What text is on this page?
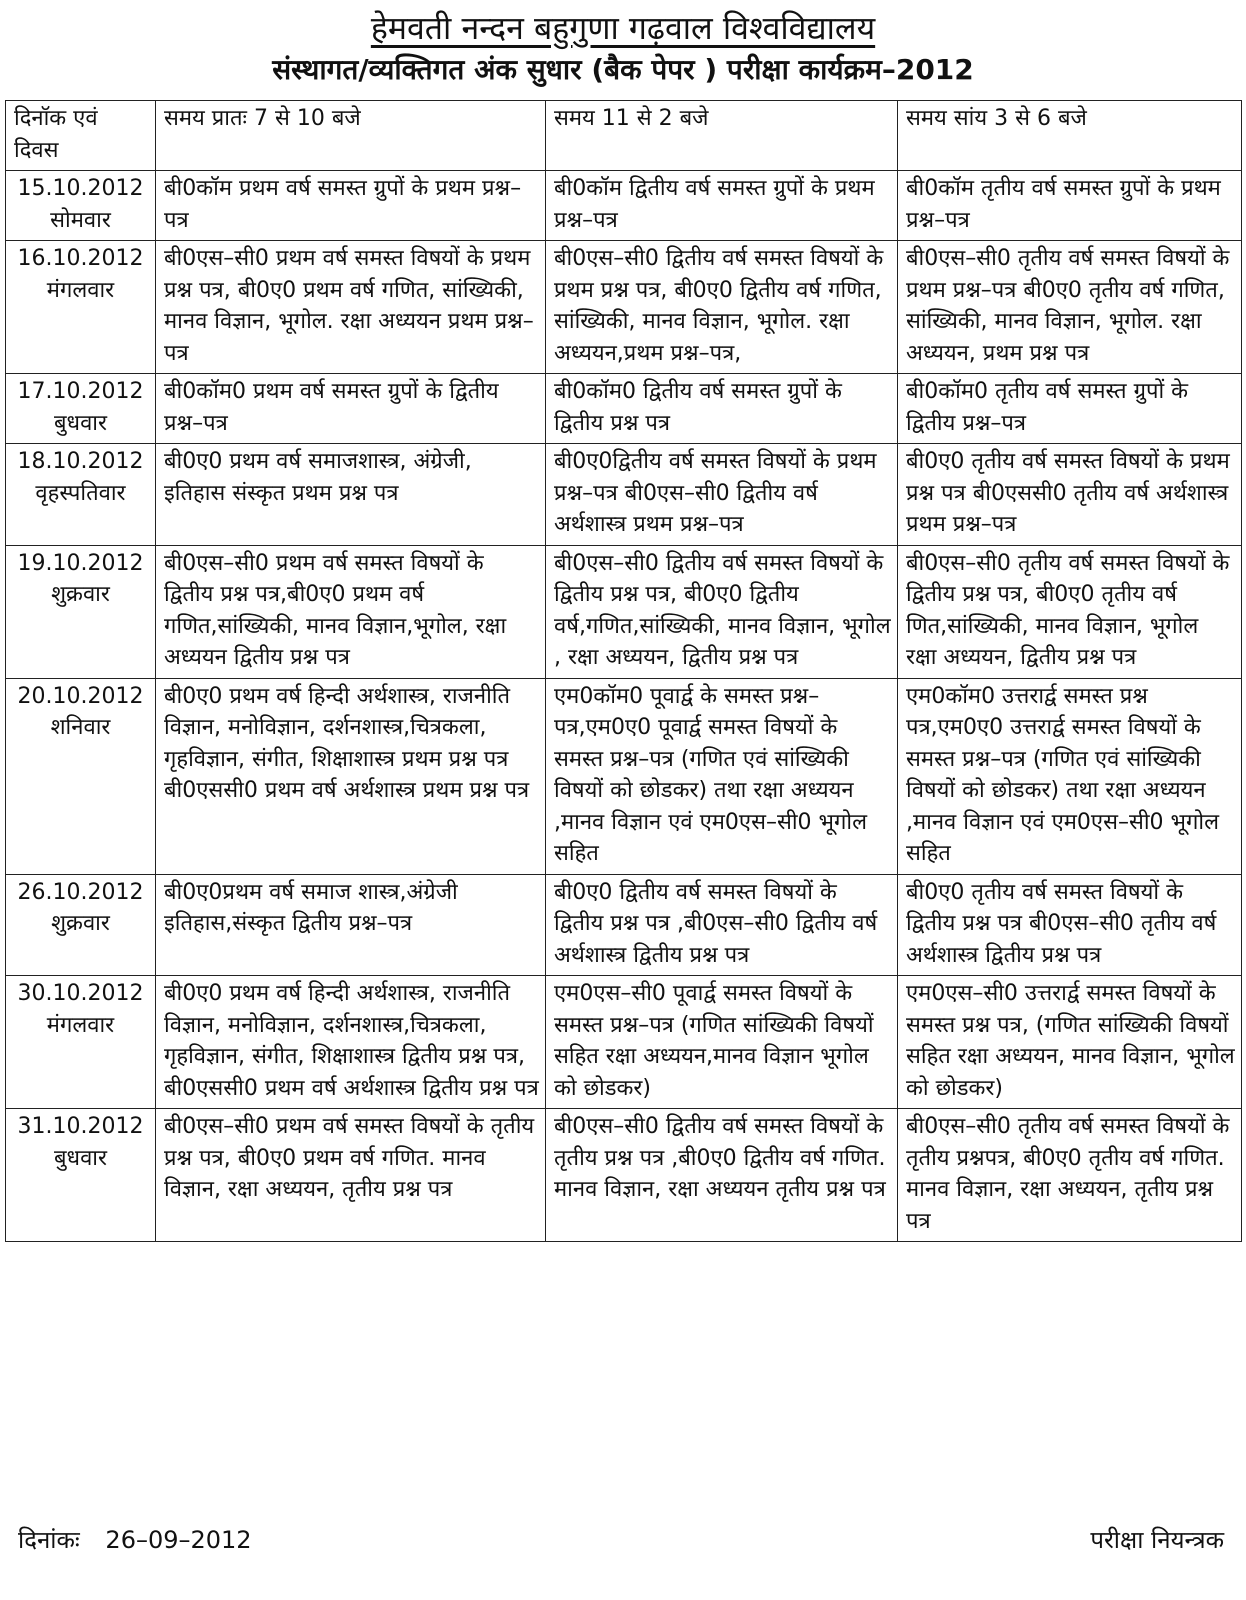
हेमवती नन्दन बहुगुणा गढ़वाल विश्वविद्यालय
संस्थागत/व्यक्तिगत अंक सुधार (बैक पेपर ) परीक्षा कार्यक्रम–2012
दिनॉक एवं दिवस	समय प्रातः 7 से 10 बजे	समय 11 से 2 बजे	समय सांय 3 से 6 बजे

15.10.2012
सोमवार	बी0कॉम प्रथम वर्ष समस्त ग्रुपों के प्रथम प्रश्न–पत्र	बी0कॉम द्वितीय वर्ष समस्त ग्रुपों के प्रथम प्रश्न–पत्र	बी0कॉम तृतीय वर्ष समस्त ग्रुपों के प्रथम प्रश्न–पत्र

16.10.2012
मंगलवार	बी0एस–सी0 प्रथम वर्ष समस्त विषयों के प्रथम प्रश्न पत्र, बी0ए0 प्रथम वर्ष गणित, सांख्यिकी, मानव विज्ञान, भूगोल. रक्षा अध्ययन प्रथम प्रश्न–पत्र	बी0एस–सी0 द्वितीय वर्ष समस्त विषयों के प्रथम प्रश्न पत्र, बी0ए0 द्वितीय वर्ष गणित, सांख्यिकी, मानव विज्ञान, भूगोल. रक्षा अध्ययन,प्रथम प्रश्न–पत्र,	बी0एस–सी0 तृतीय वर्ष समस्त विषयों के प्रथम प्रश्न–पत्र बी0ए0 तृतीय वर्ष गणित, सांख्यिकी, मानव विज्ञान, भूगोल. रक्षा अध्ययन, प्रथम प्रश्न पत्र

17.10.2012
बुधवार	बी0कॉम0 प्रथम वर्ष समस्त ग्रुपों के द्वितीय प्रश्न–पत्र	बी0कॉम0 द्वितीय वर्ष समस्त ग्रुपों के द्वितीय प्रश्न पत्र	बी0कॉम0 तृतीय वर्ष समस्त ग्रुपों के द्वितीय प्रश्न–पत्र

18.10.2012
वृहस्पतिवार	बी0ए0 प्रथम वर्ष समाजशास्त्र, अंग्रेजी, इतिहास संस्कृत प्रथम प्रश्न पत्र	बी0ए0द्वितीय वर्ष समस्त विषयों के प्रथम प्रश्न–पत्र बी0एस–सी0 द्वितीय वर्ष अर्थशास्त्र प्रथम प्रश्न–पत्र	बी0ए0 तृतीय वर्ष समस्त विषयों के प्रथम प्रश्न पत्र बी0एससी0 तृतीय वर्ष अर्थशास्त्र प्रथम प्रश्न–पत्र

19.10.2012
शुक्रवार	बी0एस–सी0 प्रथम वर्ष समस्त विषयों के द्वितीय प्रश्न पत्र,बी0ए0 प्रथम वर्ष गणित,सांख्यिकी, मानव विज्ञान,भूगोल, रक्षा अध्ययन द्वितीय प्रश्न पत्र	बी0एस–सी0 द्वितीय वर्ष समस्त विषयों के द्वितीय प्रश्न पत्र, बी0ए0 द्वितीय वर्ष,गणित,सांख्यिकी, मानव विज्ञान, भूगोल , रक्षा अध्ययन, द्वितीय प्रश्न पत्र	बी0एस–सी0 तृतीय वर्ष समस्त विषयों के द्वितीय प्रश्न पत्र, बी0ए0 तृतीय वर्ष णित,सांख्यिकी, मानव विज्ञान, भूगोल रक्षा अध्ययन, द्वितीय प्रश्न पत्र

20.10.2012
शनिवार	बी0ए0 प्रथम वर्ष हिन्दी अर्थशास्त्र, राजनीति विज्ञान, मनोविज्ञान, दर्शनशास्त्र,चित्रकला, गृहविज्ञान, संगीत, शिक्षाशास्त्र प्रथम प्रश्न पत्र बी0एससी0 प्रथम वर्ष अर्थशास्त्र प्रथम प्रश्न पत्र	एम0कॉम0 पूवार्द्व के समस्त प्रश्न–पत्र,एम0ए0 पूवार्द्व समस्त विषयों के समस्त प्रश्न–पत्र (गणित एवं सांख्यिकी विषयों को छोडकर) तथा रक्षा अध्ययन ,मानव विज्ञान एवं एम0एस–सी0 भूगोल सहित	एम0कॉम0 उत्तरार्द्व समस्त प्रश्न पत्र,एम0ए0 उत्तरार्द्व समस्त विषयों के समस्त प्रश्न–पत्र (गणित एवं सांख्यिकी विषयों को छोडकर) तथा रक्षा अध्ययन ,मानव विज्ञान एवं एम0एस–सी0 भूगोल सहित

26.10.2012
शुक्रवार	बी0ए0प्रथम वर्ष समाज शास्त्र,अंग्रेजी इतिहास,संस्कृत द्वितीय प्रश्न–पत्र	बी0ए0 द्वितीय वर्ष समस्त विषयों के द्वितीय प्रश्न पत्र ,बी0एस–सी0 द्वितीय वर्ष अर्थशास्त्र द्वितीय प्रश्न पत्र	बी0ए0 तृतीय वर्ष समस्त विषयों के द्वितीय प्रश्न पत्र बी0एस–सी0 तृतीय वर्ष अर्थशास्त्र द्वितीय प्रश्न पत्र

30.10.2012
मंगलवार	बी0ए0 प्रथम वर्ष हिन्दी अर्थशास्त्र, राजनीति विज्ञान, मनोविज्ञान, दर्शनशास्त्र,चित्रकला, गृहविज्ञान, संगीत, शिक्षाशास्त्र द्वितीय प्रश्न पत्र, बी0एससी0 प्रथम वर्ष अर्थशास्त्र द्वितीय प्रश्न पत्र	एम0एस–सी0 पूवार्द्व समस्त विषयों के समस्त प्रश्न–पत्र (गणित सांख्यिकी विषयों सहित रक्षा अध्ययन,मानव विज्ञान भूगोल को छोडकर)	एम0एस–सी0 उत्तरार्द्व समस्त विषयों के समस्त प्रश्न पत्र, (गणित सांख्यिकी विषयों सहित रक्षा अध्ययन, मानव विज्ञान, भूगोल को छोडकर)

31.10.2012
बुधवार	बी0एस–सी0 प्रथम वर्ष समस्त विषयों के तृतीय प्रश्न पत्र, बी0ए0 प्रथम वर्ष गणित. मानव विज्ञान, रक्षा अध्ययन, तृतीय प्रश्न पत्र	बी0एस–सी0 द्वितीय वर्ष समस्त विषयों के तृतीय प्रश्न पत्र ,बी0ए0 द्वितीय वर्ष गणित. मानव विज्ञान, रक्षा अध्ययन तृतीय प्रश्न पत्र	बी0एस–सी0 तृतीय वर्ष समस्त विषयों के तृतीय प्रश्नपत्र, बी0ए0 तृतीय वर्ष गणित. मानव विज्ञान, रक्षा अध्ययन, तृतीय प्रश्न पत्र
दिनांकः 26–09–2012	परीक्षा नियन्त्रक
